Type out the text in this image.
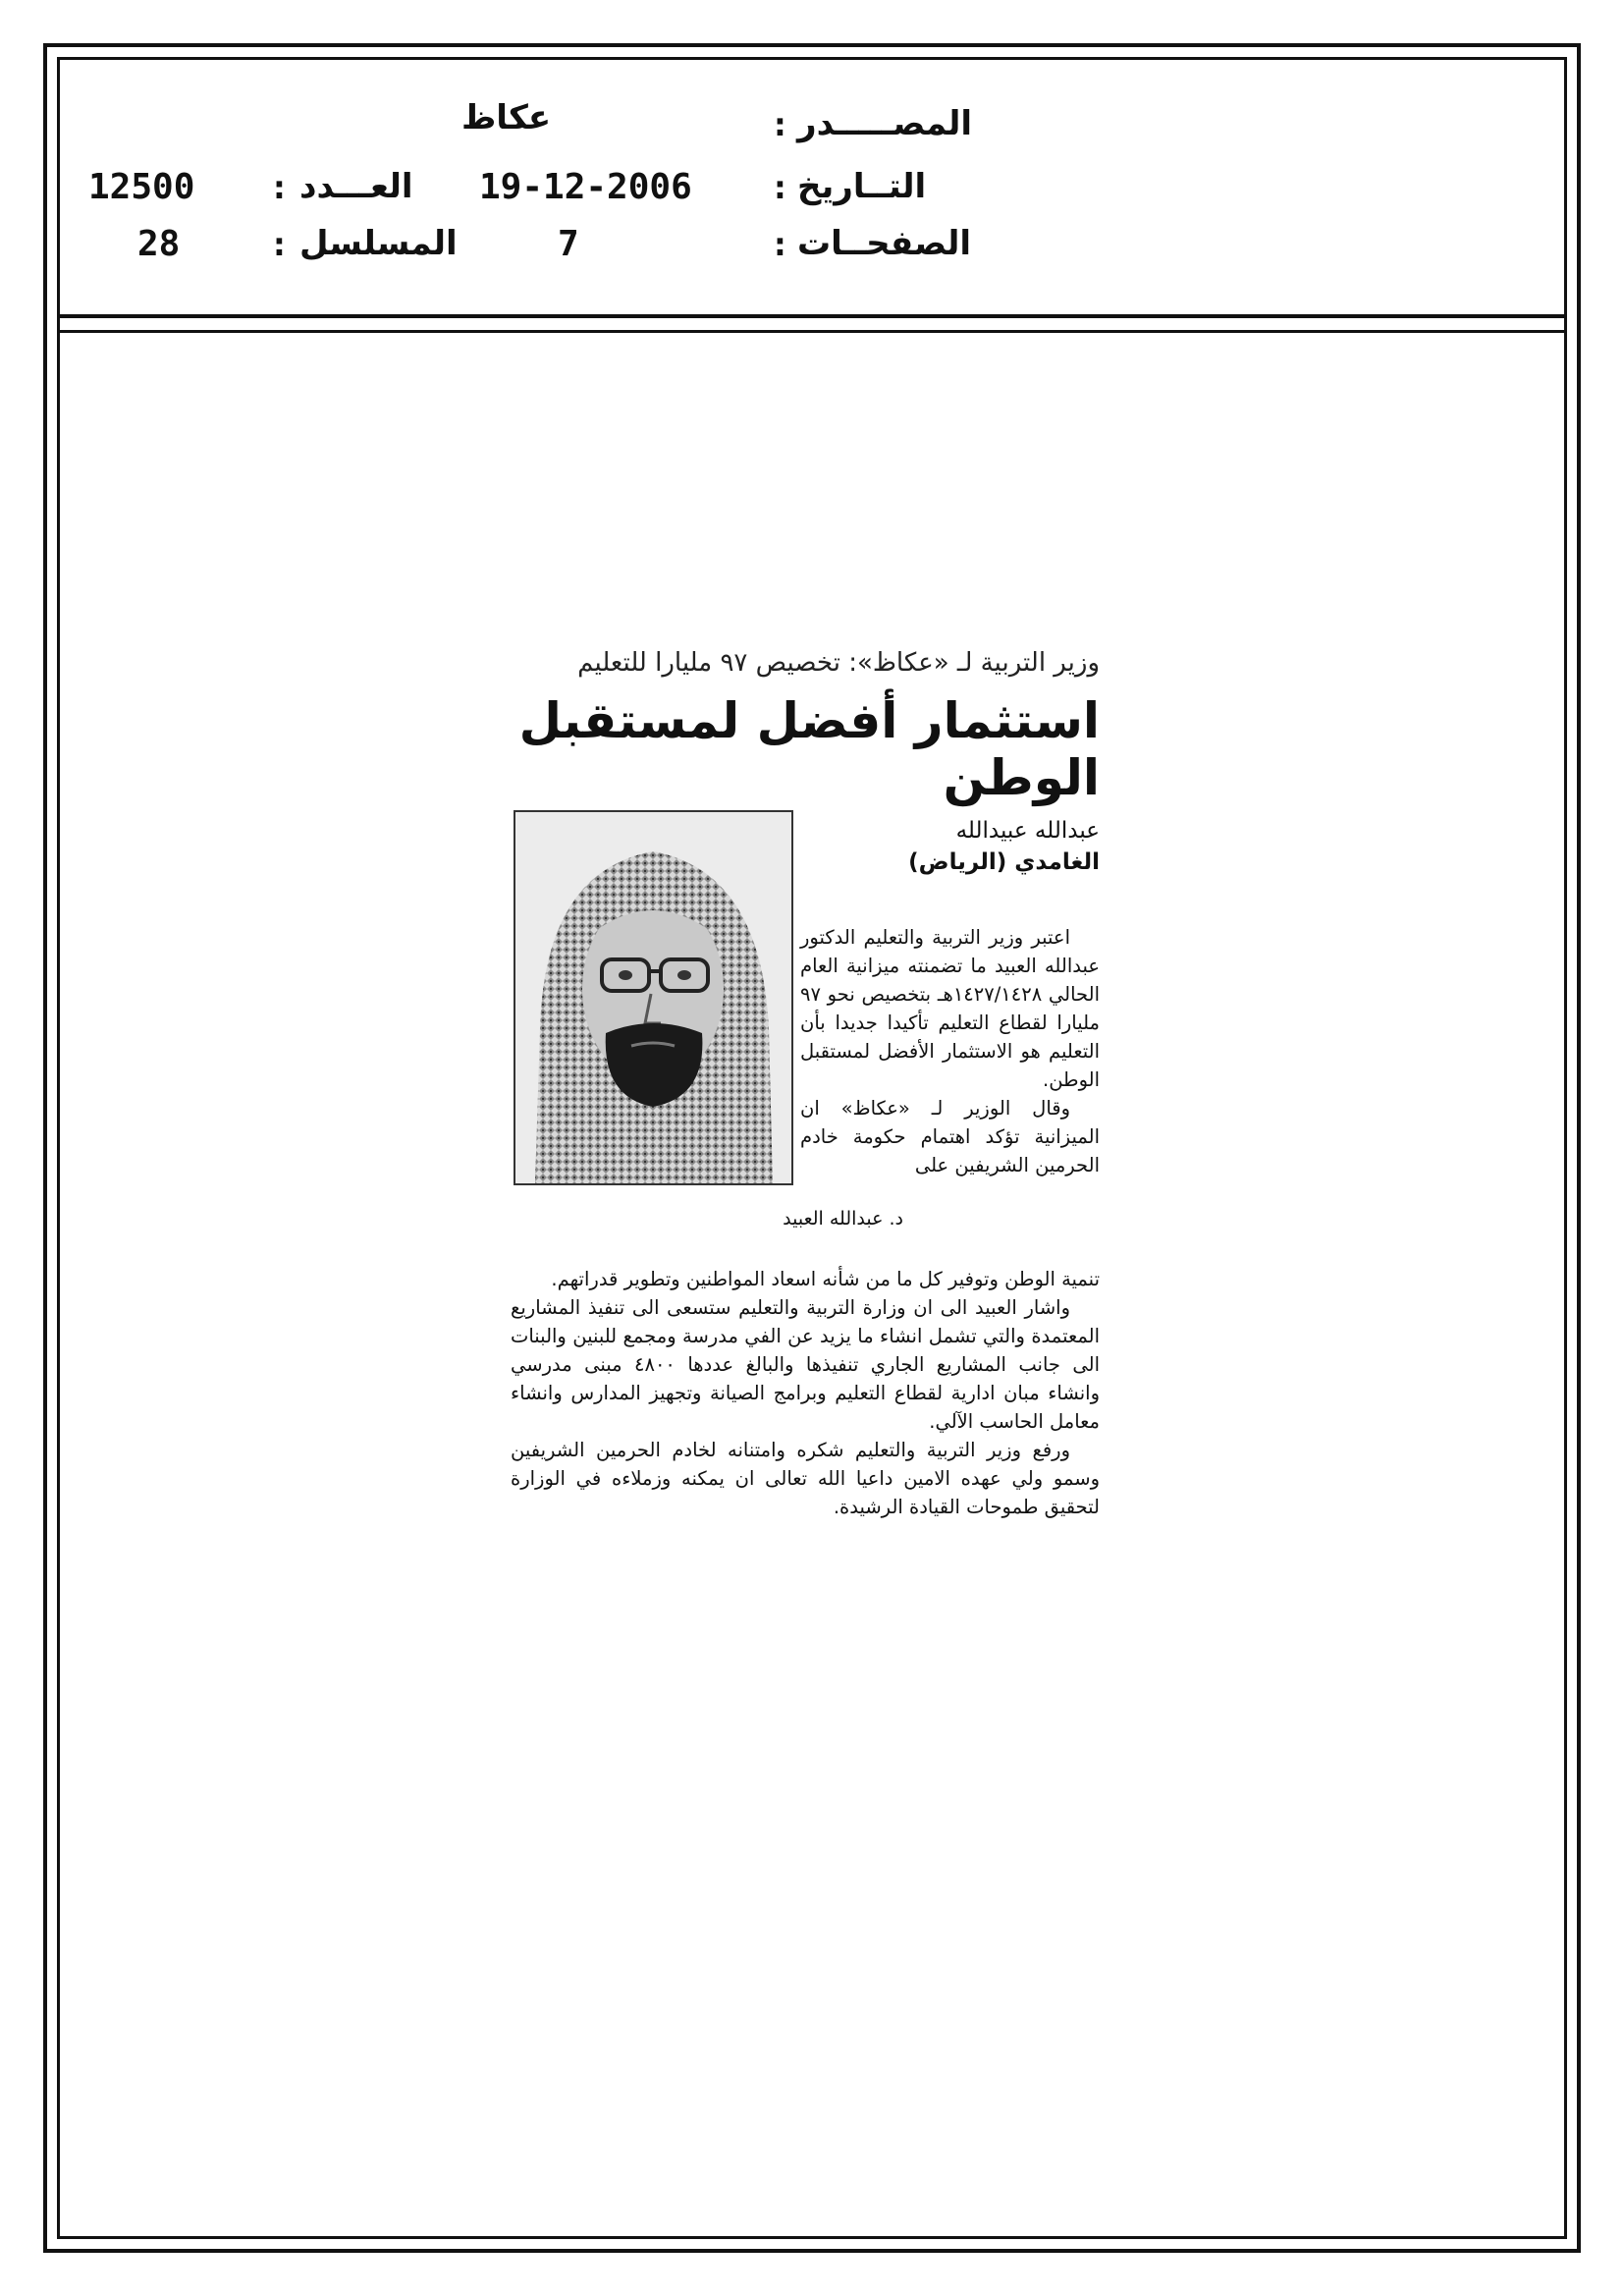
المصـــــدر
:
عكاظ
التــاريخ
:
19-12-2006
العـــدد
:
12500
الصفحــات
:
7
المسلسل
:
28
وزير التربية لـ «عكاظ»: تخصيص ٩٧ مليارا للتعليم
استثمار أفضل لمستقبل الوطن
عبدالله عبيدالله
الغامدي (الرياض)
د. عبدالله العبيد

اعتبر وزير التربية والتعليم الدكتور عبدالله العبيد ما تضمنته ميزانية العام الحالي ١٤٢٧/١٤٢٨هـ بتخصيص نحو ٩٧ مليارا لقطاع التعليم تأكيدا جديدا بأن التعليم هو الاستثمار الأفضل لمستقبل الوطن.

وقال الوزير لـ «عكاظ» ان الميزانية تؤكد اهتمام حكومة خادم الحرمين الشريفين على

تنمية الوطن وتوفير كل ما من شأنه اسعاد المواطنين وتطوير قدراتهم.

واشار العبيد الى ان وزارة التربية والتعليم ستسعى الى تنفيذ المشاريع المعتمدة والتي تشمل انشاء ما يزيد عن الفي مدرسة ومجمع للبنين والبنات الى جانب المشاريع الجاري تنفيذها والبالغ عددها ٤٨٠٠ مبنى مدرسي وانشاء مبان ادارية لقطاع التعليم وبرامج الصيانة وتجهيز المدارس وانشاء معامل الحاسب الآلي.

ورفع وزير التربية والتعليم شكره وامتنانه لخادم الحرمين الشريفين وسمو ولي عهده الامين داعيا الله تعالى ان يمكنه وزملاءه في الوزارة لتحقيق طموحات القيادة الرشيدة.
